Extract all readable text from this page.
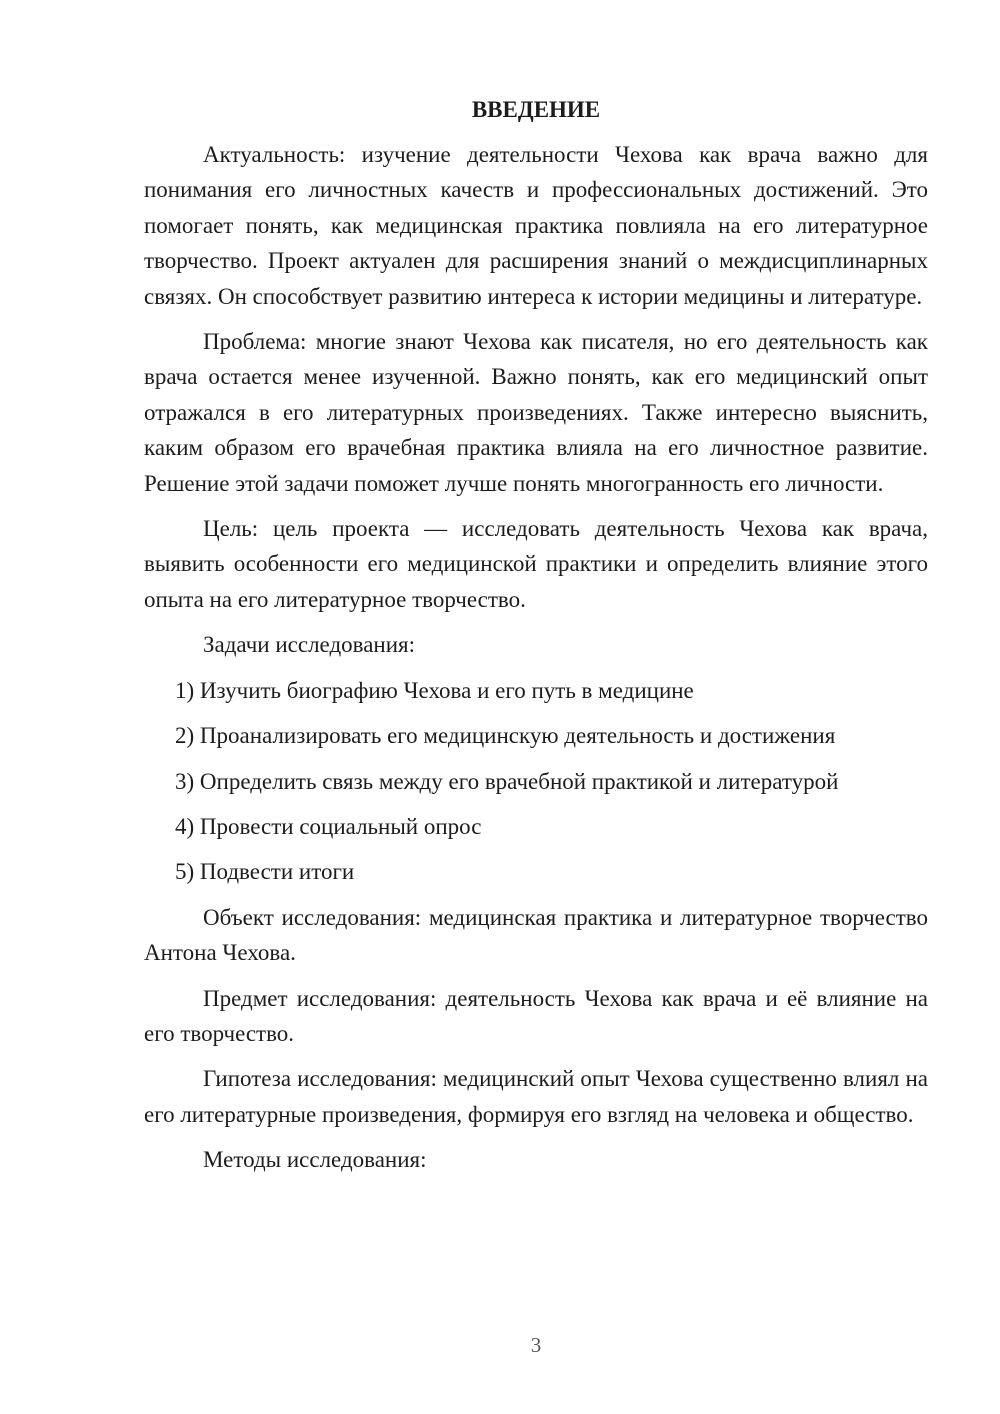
ВВЕДЕНИЕ

Актуальность: изучение деятельности Чехова как врача важно для понимания его личностных качеств и профессиональных достижений. Это помогает понять, как медицинская практика повлияла на его литературное творчество. Проект актуален для расширения знаний о междисциплинарных связях. Он способствует развитию интереса к истории медицины и литературе.

Проблема: многие знают Чехова как писателя, но его деятельность как врача остается менее изученной. Важно понять, как его медицинский опыт отражался в его литературных произведениях. Также интересно выяснить, каким образом его врачебная практика влияла на его личностное развитие. Решение этой задачи поможет лучше понять многогранность его личности.

Цель: цель проекта — исследовать деятельность Чехова как врача, выявить особенности его медицинской практики и определить влияние этого опыта на его литературное творчество.

Задачи исследования:

1) Изучить биографию Чехова и его путь в медицине
2) Проанализировать его медицинскую деятельность и достижения
3) Определить связь между его врачебной практикой и литературой
4) Провести социальный опрос
5) Подвести итоги

Объект исследования: медицинская практика и литературное творчество Антона Чехова.

Предмет исследования: деятельность Чехова как врача и её влияние на его творчество.

Гипотеза исследования: медицинский опыт Чехова существенно влиял на его литературные произведения, формируя его взгляд на человека и общество.

Методы исследования:

3
